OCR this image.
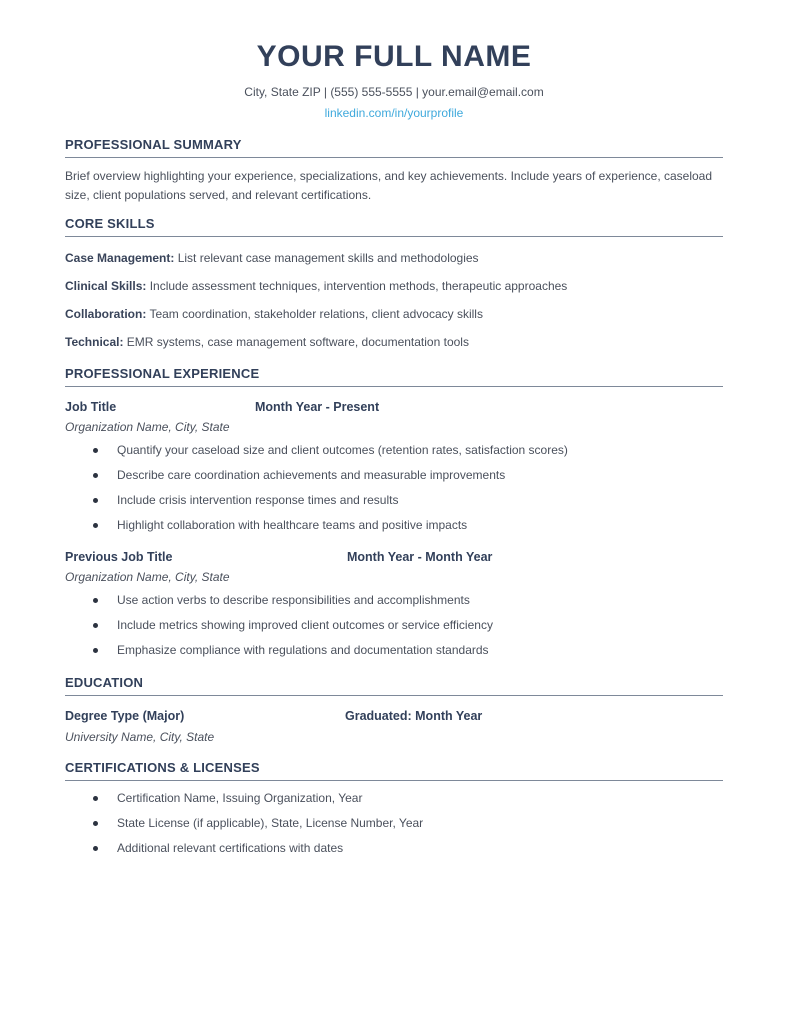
YOUR FULL NAME
City, State ZIP | (555) 555-5555 | your.email@email.com
linkedin.com/in/yourprofile
PROFESSIONAL SUMMARY
Brief overview highlighting your experience, specializations, and key achievements. Include years of experience, caseload size, client populations served, and relevant certifications.
CORE SKILLS
Case Management: List relevant case management skills and methodologies
Clinical Skills: Include assessment techniques, intervention methods, therapeutic approaches
Collaboration: Team coordination, stakeholder relations, client advocacy skills
Technical: EMR systems, case management software, documentation tools
PROFESSIONAL EXPERIENCE
Job Title	Month Year - Present
Organization Name, City, State
Quantify your caseload size and client outcomes (retention rates, satisfaction scores)
Describe care coordination achievements and measurable improvements
Include crisis intervention response times and results
Highlight collaboration with healthcare teams and positive impacts
Previous Job Title	Month Year - Month Year
Organization Name, City, State
Use action verbs to describe responsibilities and accomplishments
Include metrics showing improved client outcomes or service efficiency
Emphasize compliance with regulations and documentation standards
EDUCATION
Degree Type (Major)	Graduated: Month Year
University Name, City, State
CERTIFICATIONS & LICENSES
Certification Name, Issuing Organization, Year
State License (if applicable), State, License Number, Year
Additional relevant certifications with dates
